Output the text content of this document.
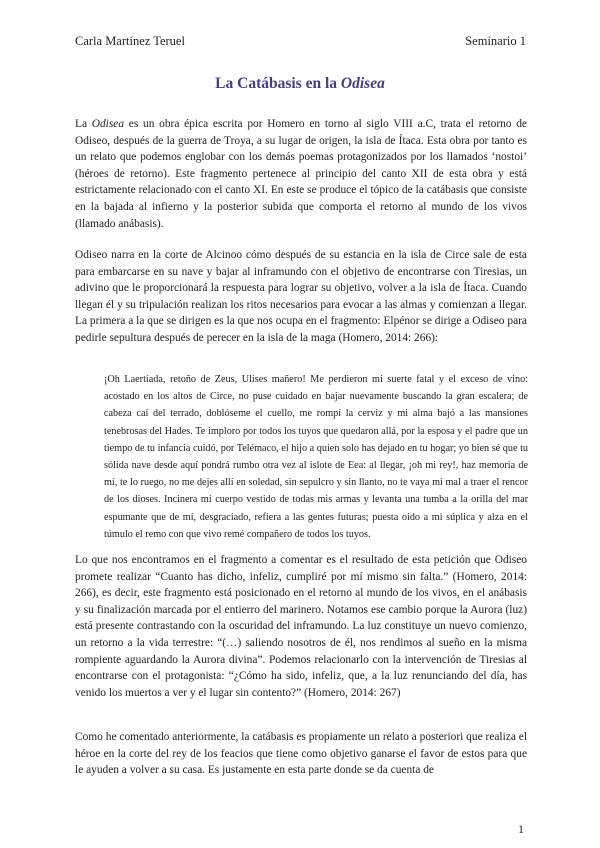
Carla Martínez Teruel	Seminario 1
La Catábasis en la Odisea

La Odisea es un obra épica escrita por Homero en torno al siglo VIII a.C, trata el retorno de Odiseo, después de la guerra de Troya, a su lugar de origen, la isla de Ítaca. Esta obra por tanto es un relato que podemos englobar con los demás poemas protagonizados por los llamados ‘nostoi’ (héroes de retorno). Este fragmento pertenece al principio del canto XII de esta obra y está estrictamente relacionado con el canto XI. En este se produce el tópico de la catábasis que consiste en la bajada al infierno y la posterior subida que comporta el retorno al mundo de los vivos (llamado anábasis).

Odiseo narra en la corte de Alcinoo cómo después de su estancia en la isla de Circe sale de esta para embarcarse en su nave y bajar al inframundo con el objetivo de encontrarse con Tiresias, un adivino que le proporcionará la respuesta para lograr su objetivo, volver a la isla de Ítaca. Cuando llegan él y su tripulación realizan los ritos necesarios para evocar a las almas y comienzan a llegar. La primera a la que se dirigen es la que nos ocupa en el fragmento: Elpénor se dirige a Odiseo para pedirle sepultura después de perecer en la isla de la maga (Homero, 2014: 266):

¡Oh Laertíada, retoño de Zeus, Ulises mañero! Me perdieron mi suerte fatal y el exceso de vino: acostado en los altos de Circe, no puse cuidado en bajar nuevamente buscando la gran escalera; de cabeza caí del terrado, doblóseme el cuello, me rompí la cerviz y mi alma bajó a las mansiones tenebrosas del Hades. Te imploro por todos los tuyos que quedaron allá, por la esposa y el padre que un tiempo de tu infancia cuidó, por Telémaco, el hijo a quien solo has dejado en tu hogar; yo bien sé que tu sólida nave desde aquí pondrá rumbo otra vez al islote de Eea: al llegar, ¡oh mi rey!, haz memoria de mí, te lo ruego, no me dejes allí en soledad, sin sepulcro y sin llanto, no te vaya mi mal a traer el rencor de los dioses. Incinera mi cuerpo vestido de todas mis armas y levanta una tumba a la orilla del mar espumante que de mí, desgraciado, refiera a las gentes futuras; puesta oído a mi súplica y alza en el túmulo el remo con que vivo remé compañero de todos los tuyos.

Lo que nos encontramos en el fragmento a comentar es el resultado de esta petición que Odiseo promete realizar “Cuanto has dicho, infeliz, cumpliré por mí mismo sin falta.” (Homero, 2014: 266), es decir, este fragmento está posicionado en el retorno al mundo de los vivos, en el anábasis y su finalización marcada por el entierro del marinero. Notamos ese cambio porque la Aurora (luz) está presente contrastando con la oscuridad del inframundo. La luz constituye un nuevo comienzo, un retorno a la vida terrestre: “(…) saliendo nosotros de él, nos rendimos al sueño en la misma rompiente aguardando la Aurora divina”. Podemos relacionarlo con la intervención de Tiresias al encontrarse con el protagonista: “¿Cómo ha sido, infeliz, que, a la luz renunciando del día, has venido los muertos a ver y el lugar sin contento?” (Homero, 2014: 267)

Como he comentado anteriormente, la catábasis es propiamente un relato a posteriori que realiza el héroe en la corte del rey de los feacios que tiene como objetivo ganarse el favor de estos para que le ayuden a volver a su casa. Es justamente en esta parte donde se da cuenta de

1
